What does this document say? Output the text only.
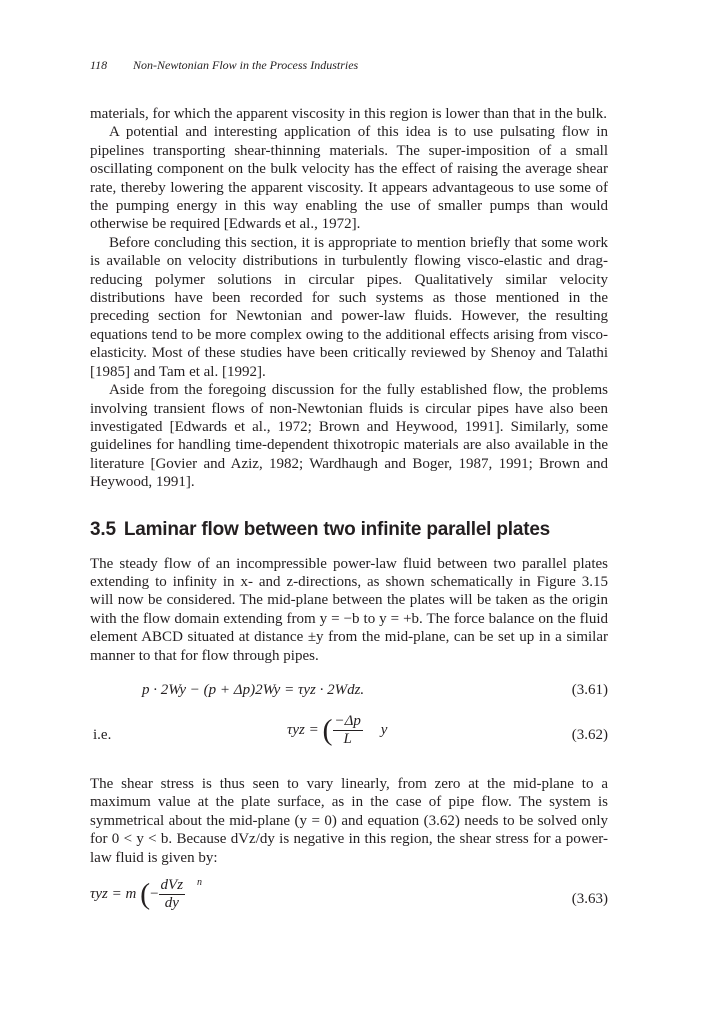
118 Non-Newtonian Flow in the Process Industries

materials, for which the apparent viscosity in this region is lower than that in the bulk.

A potential and interesting application of this idea is to use pulsating flow in pipelines transporting shear-thinning materials. The super-imposition of a small oscillating component on the bulk velocity has the effect of raising the average shear rate, thereby lowering the apparent viscosity. It appears advantageous to use some of the pumping energy in this way enabling the use of smaller pumps than would otherwise be required [Edwards et al., 1972].

Before concluding this section, it is appropriate to mention briefly that some work is available on velocity distributions in turbulently flowing visco-elastic and drag-reducing polymer solutions in circular pipes. Qualitatively similar velocity distributions have been recorded for such systems as those mentioned in the preceding section for Newtonian and power-law fluids. However, the resulting equations tend to be more complex owing to the additional effects arising from visco-elasticity. Most of these studies have been critically reviewed by Shenoy and Talathi [1985] and Tam et al. [1992].

Aside from the foregoing discussion for the fully established flow, the problems involving transient flows of non-Newtonian fluids is circular pipes have also been investigated [Edwards et al., 1972; Brown and Heywood, 1991]. Similarly, some guidelines for handling time-dependent thixotropic materials are also available in the literature [Govier and Aziz, 1982; Wardhaugh and Boger, 1987, 1991; Brown and Heywood, 1991].

3.5 Laminar flow between two infinite parallel plates

The steady flow of an incompressible power-law fluid between two parallel plates extending to infinity in x- and z-directions, as shown schematically in Figure 3.15 will now be considered. The mid-plane between the plates will be taken as the origin with the flow domain extending from y = −b to y = +b. The force balance on the fluid element ABCD situated at distance ±y from the mid-plane, can be set up in a similar manner to that for flow through pipes.

p · 2Wy − (p + Δp)2Wy = τyz · 2Wdz.	(3.61)
i.e.	τyz = ( $\frac{-\Delta p}{L}$ y	(3.62)

The shear stress is thus seen to vary linearly, from zero at the mid-plane to a maximum value at the plate surface, as in the case of pipe flow. The system is symmetrical about the mid-plane (y = 0) and equation (3.62) needs to be solved only for 0 < y < b. Because dVz/dy is negative in this region, the shear stress for a power-law fluid is given by:

τyz = m (− $\frac{\text{dVz}}{dy} ^n$
(3.63)
